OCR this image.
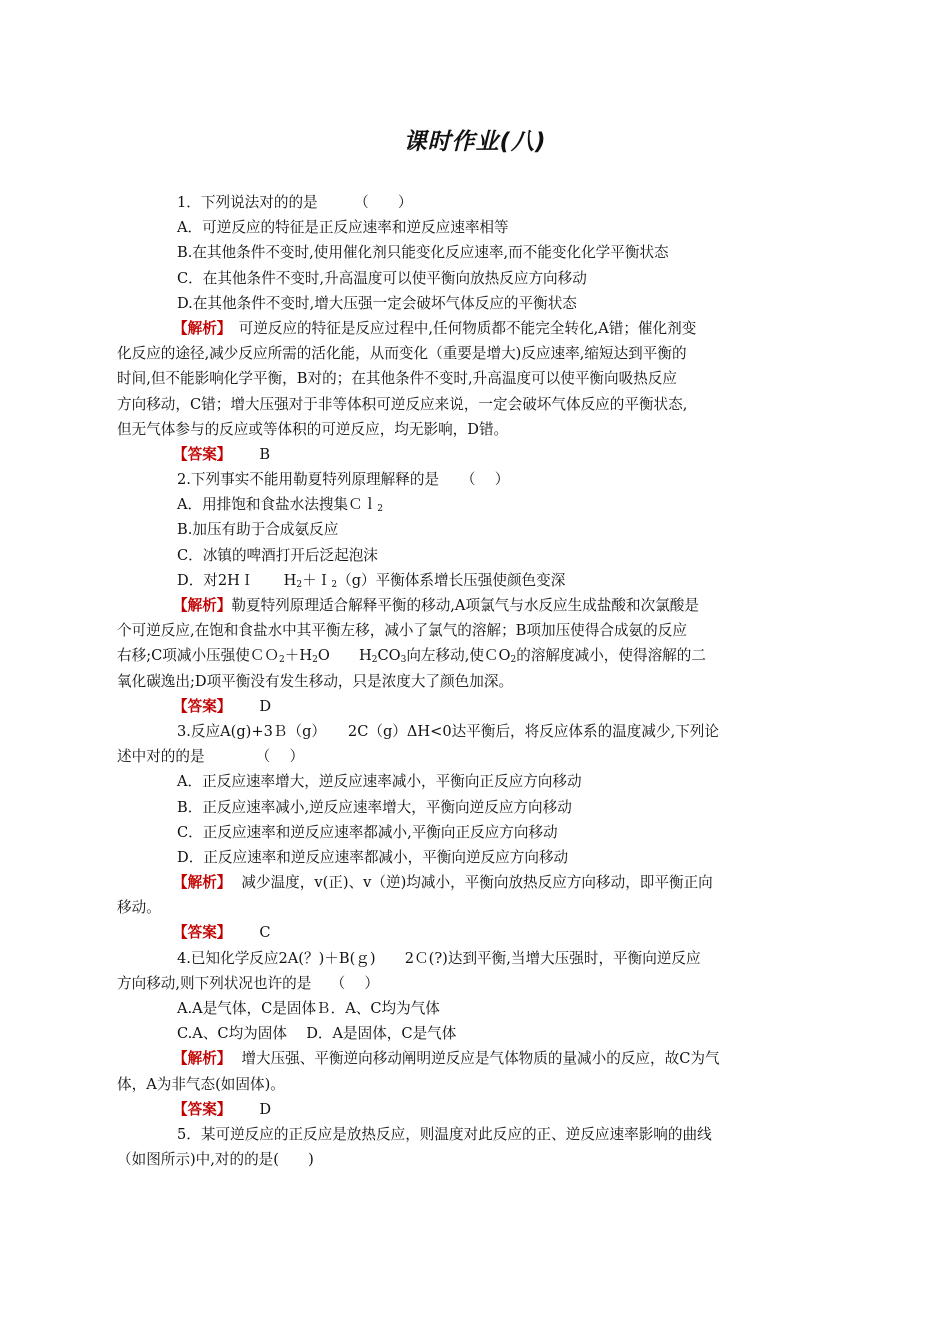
课时作业(八)
1．下列说法对的的是　　　（　　）
A．可逆反应的特征是正反应速率和逆反应速率相等
B.在其他条件不变时,使用催化剂只能变化反应速率,而不能变化化学平衡状态
C．在其他条件不变时,升高温度可以使平衡向放热反应方向移动
D.在其他条件不变时,增大压强一定会破坏气体反应的平衡状态
【解析】　可逆反应的特征是反应过程中,任何物质都不能完全转化,A错；催化剂变
化反应的途径,减少反应所需的活化能，从而变化（重要是增大)反应速率,缩短达到平衡的
时间,但不能影响化学平衡，B对的；在其他条件不变时,升高温度可以使平衡向吸热反应
方向移动，C错；增大压强对于非等体积可逆反应来说，一定会破坏气体反应的平衡状态,
但无气体参与的反应或等体积的可逆反应，均无影响，D错。
【答案】 B
2.下列事实不能用勒夏特列原理解释的是　　（　 ）
A．用排饱和食盐水法搜集Ｃｌ$_2$
B.加压有助于合成氨反应
C．冰镇的啤酒打开后泛起泡沫
D．对2HＩ　　$H_2+I_2(g)$平衡体系增长压强使颜色变深
【解析】勒夏特列原理适合解释平衡的移动,A项氯气与水反应生成盐酸和次氯酸是
个可逆反应,在饱和食盐水中其平衡左移，减小了氯气的溶解；B项加压使得合成氨的反应
右移;C项减小压强使$CO_2+H_2O$　　$H_2CO_3$向左移动,使ＣO$_2$的溶解度减小，使得溶解的二
氧化碳逸出;D项平衡没有发生移动，只是浓度大了颜色加深。
【答案】 D
3.反应A(g)+3Ｂ（g）　　2C（g）ΔH<0达平衡后，将反应体系的温度减少,下列论
述中对的的是　　　　（　 ）
A．正反应速率增大，逆反应速率减小，平衡向正反应方向移动
B．正反应速率减小,逆反应速率增大，平衡向逆反应方向移动
C．正反应速率和逆反应速率都减小,平衡向正反应方向移动
D．正反应速率和逆反应速率都减小，平衡向逆反应方向移动
【解析】 减少温度，v(正)、v（逆)均减小，平衡向放热反应方向移动，即平衡正向
移动。
【答案】 C
4.已知化学反应2A(？)＋B(ｇ)　　2Ｃ(?)达到平衡,当增大压强时，平衡向逆反应
方向移动,则下列状况也许的是　 （　 ）
A.A是气体，C是固体Ｂ．A、C均为气体
C.A、C均为固体　 D．A是固体，C是气体
【解析】 增大压强、平衡逆向移动阐明逆反应是气体物质的量减小的反应，故C为气
体，A为非气态(如固体)。
【答案】 D
5．某可逆反应的正反应是放热反应，则温度对此反应的正、逆反应速率影响的曲线
（如图所示)中,对的的是(　　)
